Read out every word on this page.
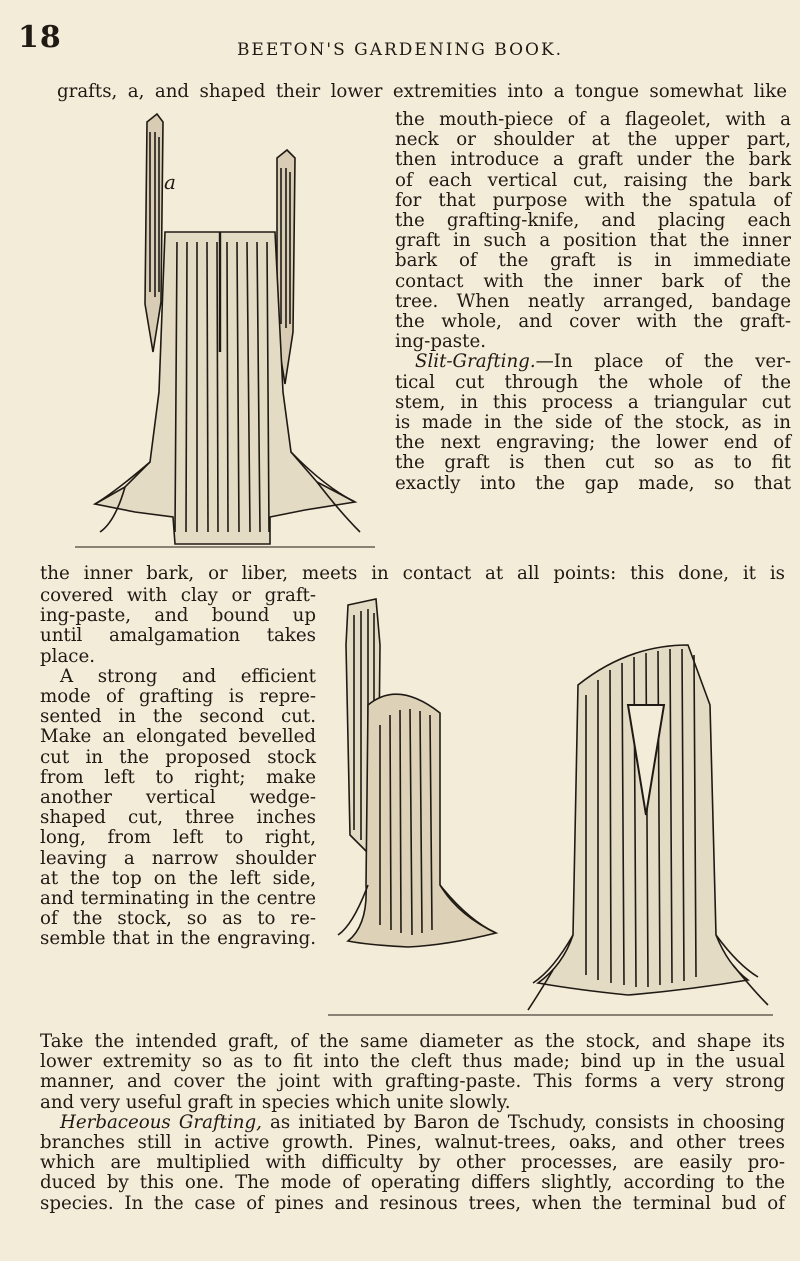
18	BEETON'S GARDENING BOOK.
a

grafts, a, and shaped their lower extremities into a tongue somewhat like

the mouth-piece of a flageolet, with a
neck or shoulder at the upper part,
then introduce a graft under the bark
of each vertical cut, raising the bark
for that purpose with the spatula of
the grafting-knife, and placing each
graft in such a position that the inner
bark of the graft is in immediate
contact with the inner bark of the
tree. When neatly arranged, bandage
the whole, and cover with the graft-
ing-paste.
Slit-Grafting.—In place of the ver-
tical cut through the whole of the
stem, in this process a triangular cut
is made in the side of the stock, as in
the next engraving; the lower end of
the graft is then cut so as to fit
exactly into the gap made, so that

the inner bark, or liber, meets in contact at all points: this done, it is

covered with clay or graft-
ing-paste, and bound up
until amalgamation takes
place.
A strong and efficient
mode of grafting is repre-
sented in the second cut.
Make an elongated bevelled
cut in the proposed stock
from left to right; make
another vertical wedge-
shaped cut, three inches
long, from left to right,
leaving a narrow shoulder
at the top on the left side,
and terminating in the centre
of the stock, so as to re-
semble that in the engraving.

Take the intended graft, of the same diameter as the stock, and shape its
lower extremity so as to fit into the cleft thus made; bind up in the usual
manner, and cover the joint with grafting-paste. This forms a very strong
and very useful graft in species which unite slowly.
Herbaceous Grafting, as initiated by Baron de Tschudy, consists in choosing
branches still in active growth. Pines, walnut-trees, oaks, and other trees
which are multiplied with difficulty by other processes, are easily pro-
duced by this one. The mode of operating differs slightly, according to the
species. In the case of pines and resinous trees, when the terminal bud of
